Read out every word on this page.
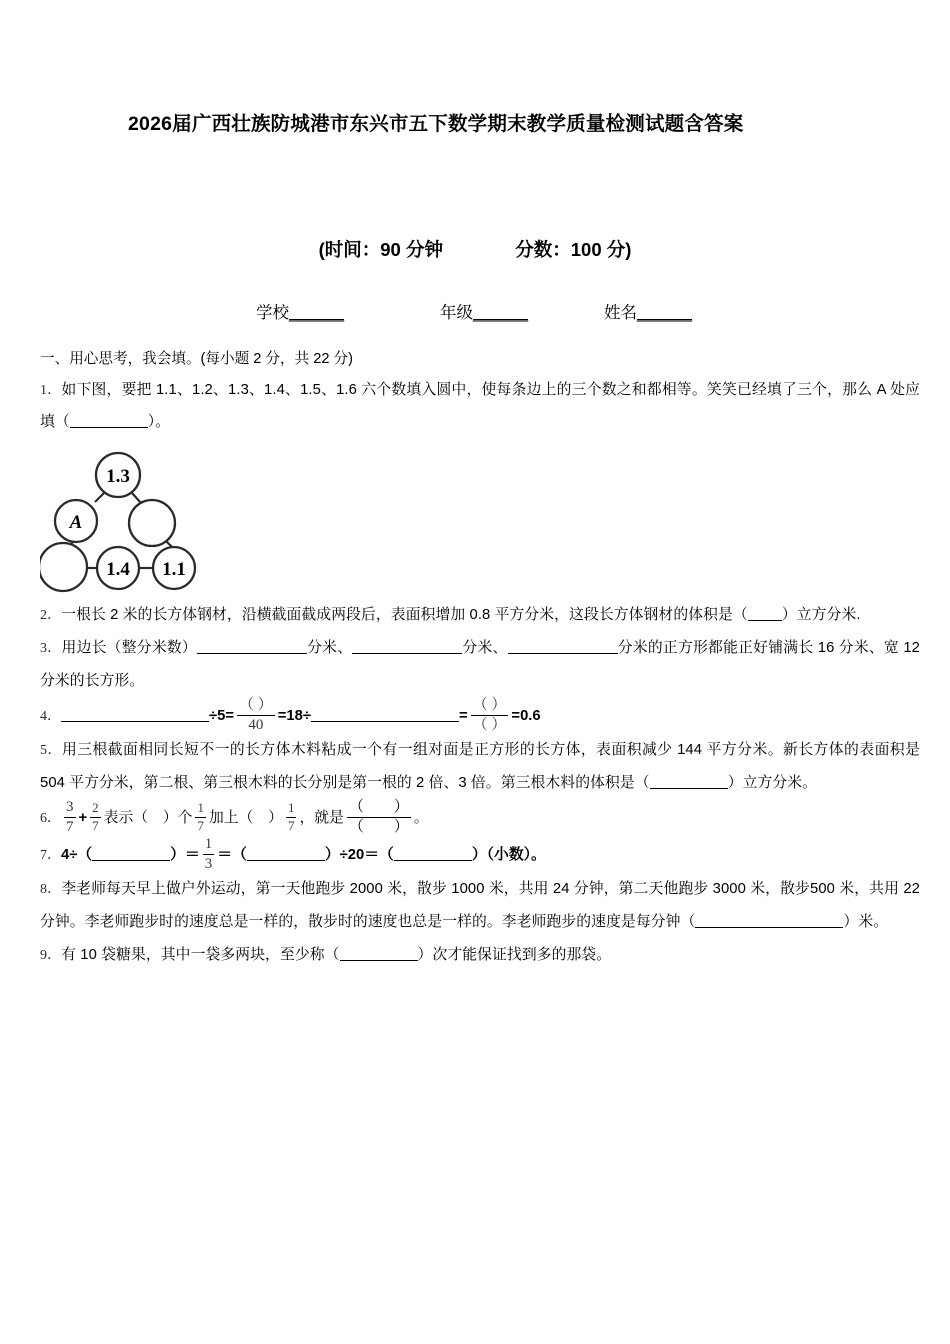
2026届广西壮族防城港市东兴市五下数学期末教学质量检测试题含答案
(时间：90 分钟	分数：100 分)
学校______	年级______	姓名______

一、用心思考，我会填。(每小题 2 分，共 22 分)

1．如下图，要把 1.1、1.2、1.3、1.4、1.5、1.6 六个数填入圆中，使每条边上的三个数之和都相等。笑笑已经填了三个，那么 A 处应填（	）。

1.3
A
1.4 1.1

2．一根长 2 米的长方体钢材，沿横截面截成两段后，表面积增加 0.8 平方分米，这段长方体钢材的体积是（ ）立方分米.

3．用边长（整分米数）	分米、	分米、	分米的正方形都能正好铺满长 16 分米、宽 12 分米的长方形。

4．	$\div 5= \frac{( )}{40} =18\div$	= $\frac{( )}{( )} =0.6$

5．用三根截面相同长短不一的长方体木料粘成一个有一组对面是正方形的长方体，表面积减少 144 平方分米。新长方体的表面积是 504 平方分米，第二根、第三根木料的长分别是第一根的 2 倍、3 倍。第三根木料的体积是（	）立方分米。

6． $\frac{3}{7} + \frac{2}{7}$ 表示（　）个 $\frac{1}{7}$ 加上（　） $\frac{1}{7}$ ，就是 $\frac{( )}{( )}$ 。

7．4÷（	）＝ $\frac{1}{3}$ ＝（	）÷20＝（	）（小数）。

8．李老师每天早上做户外运动，第一天他跑步 2000 米，散步 1000 米，共用 24 分钟，第二天他跑步 3000 米，散步500 米，共用 22 分钟。李老师跑步时的速度总是一样的，散步时的速度也总是一样的。李老师跑步的速度是每分钟（	）米。

9．有 10 袋糖果，其中一袋多两块，至少称（	）次才能保证找到多的那袋。
